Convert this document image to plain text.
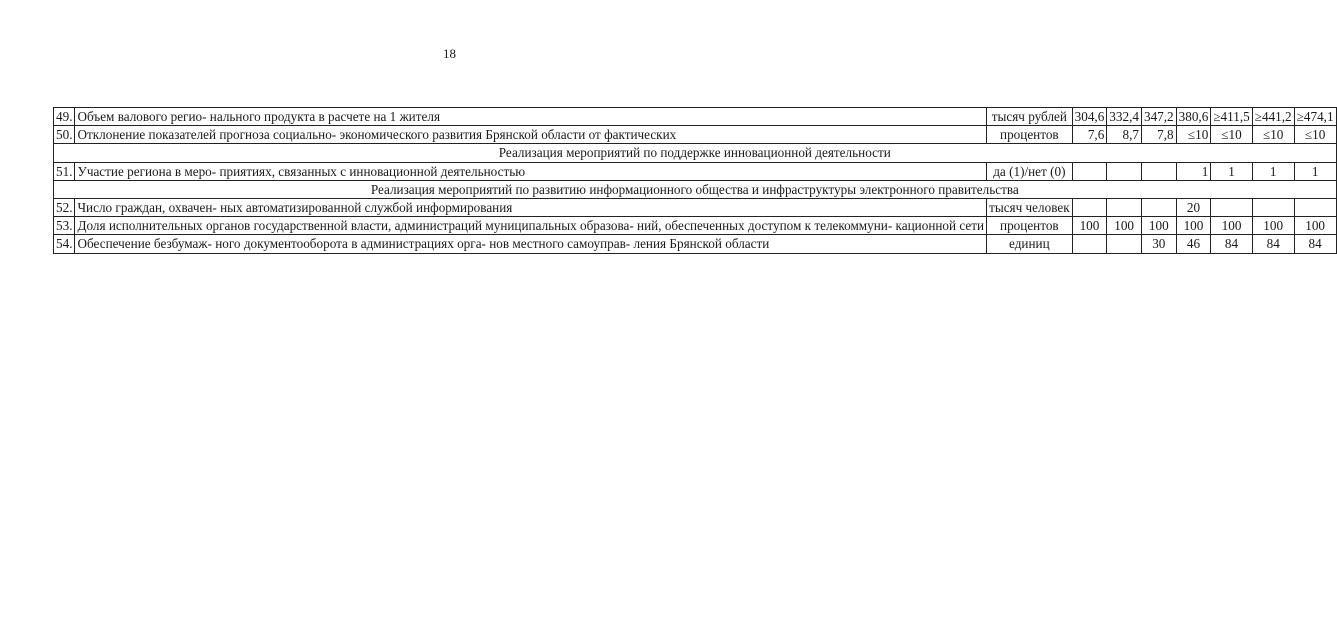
18
49.	Объем валового регио- нального продукта в расчете на 1 жителя	тысяч рублей	304,6	332,4	347,2	380,6	≥411,5	≥441,2	≥474,1
50.	Отклонение показателей прогноза социально- экономического развития Брянской области от фактических	процентов	7,6	8,7	7,8	≤10	≤10	≤10	≤10
Реализация мероприятий по поддержке инновационной деятельности									
51.	Участие региона в меро- приятиях, связанных с инновационной деятельностью	да (1)/нет (0)				1	1	1	1
Реализация мероприятий по развитию информационного общества и инфраструктуры электронного правительства									
52.	Число граждан, охвачен- ных автоматизированной службой информирования	тысяч человек				20			
53.	Доля исполнительных органов государственной власти, администраций муниципальных образова- ний, обеспеченных доступом к телекоммуни- кационной сети	процентов	100	100	100	100	100	100	100
54.	Обеспечение безбумаж- ного документооборота в администрациях орга- нов местного самоуправ- ления Брянской области	единиц			30	46	84	84	84
